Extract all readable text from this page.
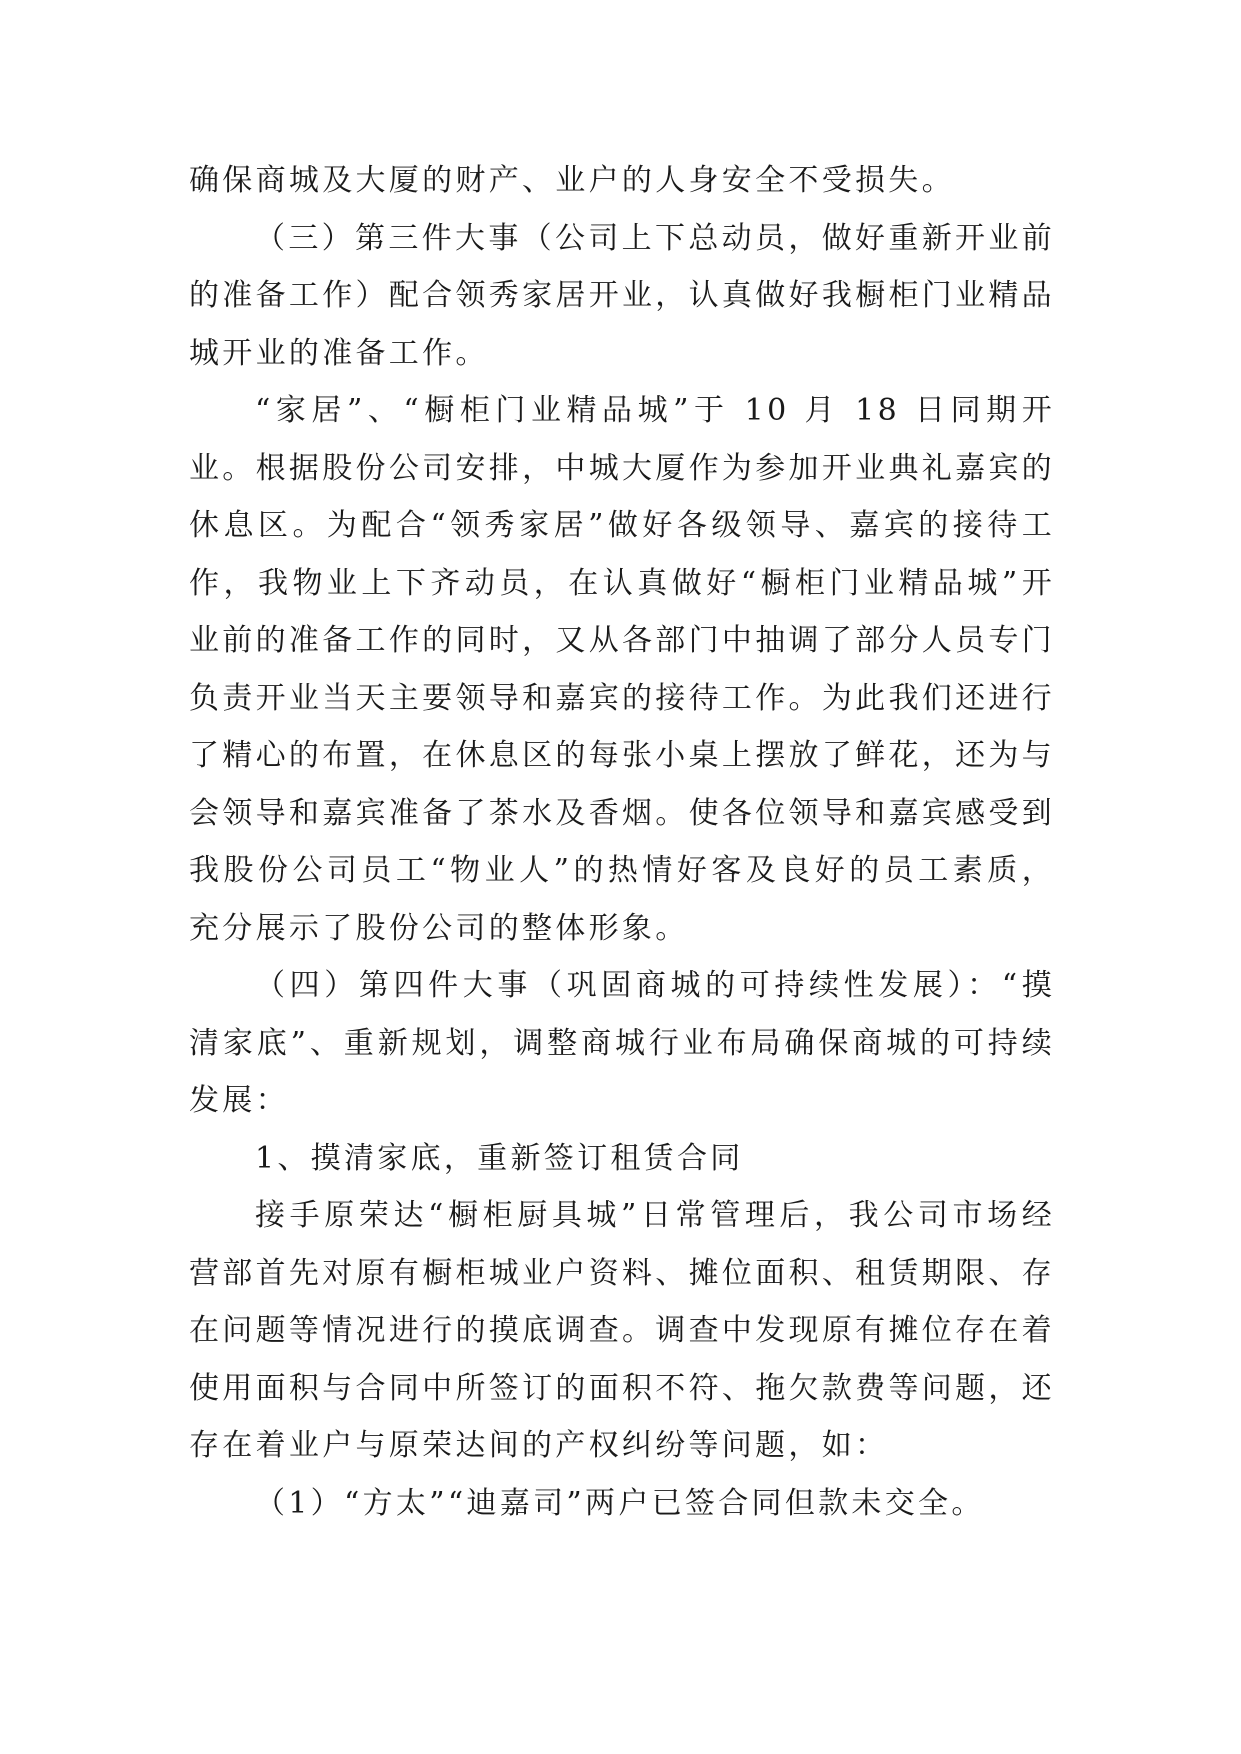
确保商城及大厦的财产、业户的人身安全不受损失。

（三）第三件大事（公司上下总动员，做好重新开业前的准备工作）配合领秀家居开业，认真做好我橱柜门业精品城开业的准备工作。

“家居”、“橱柜门业精品城”于 10 月 18 日同期开业。根据股份公司安排，中城大厦作为参加开业典礼嘉宾的休息区。为配合“领秀家居”做好各级领导、嘉宾的接待工作，我物业上下齐动员，在认真做好“橱柜门业精品城”开业前的准备工作的同时，又从各部门中抽调了部分人员专门负责开业当天主要领导和嘉宾的接待工作。为此我们还进行了精心的布置，在休息区的每张小桌上摆放了鲜花，还为与会领导和嘉宾准备了茶水及香烟。使各位领导和嘉宾感受到我股份公司员工“物业人”的热情好客及良好的员工素质，充分展示了股份公司的整体形象。

（四）第四件大事（巩固商城的可持续性发展）：“摸清家底”、重新规划，调整商城行业布局确保商城的可持续发展：

1、摸清家底，重新签订租赁合同

接手原荣达“橱柜厨具城”日常管理后，我公司市场经营部首先对原有橱柜城业户资料、摊位面积、租赁期限、存在问题等情况进行的摸底调查。调查中发现原有摊位存在着使用面积与合同中所签订的面积不符、拖欠款费等问题，还存在着业户与原荣达间的产权纠纷等问题，如：

（1）“方太”“迪嘉司”两户已签合同但款未交全。
